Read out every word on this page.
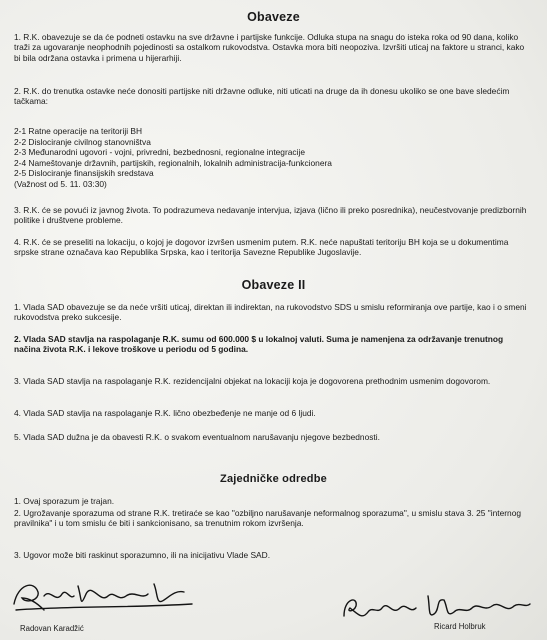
Obaveze

1. R.K. obavezuje se da će podneti ostavku na sve državne i partijske funkcije. Odluka stupa na snagu do isteka roka od 90 dana, koliko traži za ugovaranje neophodnih pojedinosti sa ostalkom rukovodstva. Ostavka mora biti neopoziva. Izvršiti uticaj na faktore u stranci, kako bi bila održana ostavka i primena u hijerarhiji.

2. R.K. do trenutka ostavke neće donositi partijske niti državne odluke, niti uticati na druge da ih donesu ukoliko se one bave sledećim tačkama:

2-1 Ratne operacije na teritoriji BH
2-2 Dislociranje civilnog stanovništva
2-3 Međunarodni ugovori - vojni, privredni, bezbednosni, regionalne integracije
2-4 Nameštovanje državnih, partijskih, regionalnih, lokalnih administracija-funkcionera
2-5 Dislociranje finansijskih sredstava
(Važnost od 5. 11. 03:30)

3. R.K. će se povući iz javnog života. To podrazumeva nedavanje intervjua, izjava (lično ili preko posrednika), neučestvovanje predizbornih politike i društvene probleme.

4. R.K. će se preseliti na lokaciju, o kojoj je dogovor izvršen usmenim putem. R.K. neće napuštati teritoriju BH koja se u dokumentima srpske strane označava kao Republika Srpska, kao i teritorija Savezne Republike Jugoslavije.

Obaveze II

1. Vlada SAD obavezuje se da neće vršiti uticaj, direktan ili indirektan, na rukovodstvo SDS u smislu reformiranja ove partije, kao i o smeni rukovodstva preko sukcesije.

2. Vlada SAD stavlja na raspolaganje R.K. sumu od 600.000 $ u lokalnoj valuti. Suma je namenjena za održavanje trenutnog načina života R.K. i lekove troškove u periodu od 5 godina.

3. Vlada SAD stavlja na raspolaganje R.K. rezidencijalni objekat na lokaciji koja je dogovorena prethodnim usmenim dogovorom.

4. Vlada SAD stavlja na raspolaganje R.K. lično obezbeđenje ne manje od 6 ljudi.

5. Vlada SAD dužna je da obavesti R.K. o svakom eventualnom narušavanju njegove bezbednosti.

Zajedničke odredbe

1. Ovaj sporazum je trajan.

2. Ugrožavanje sporazuma od strane R.K. tretiraće se kao "ozbiljno narušavanje neformalnog sporazuma", u smislu stava 3. 25 "internog pravilnika" i u tom smislu će biti i sankcionisano, sa trenutnim rokom izvršenja.

3. Ugovor može biti raskinut sporazumno, ili na inicijativu Vlade SAD.

Radovan Karadžić	Ricard Holbruk
